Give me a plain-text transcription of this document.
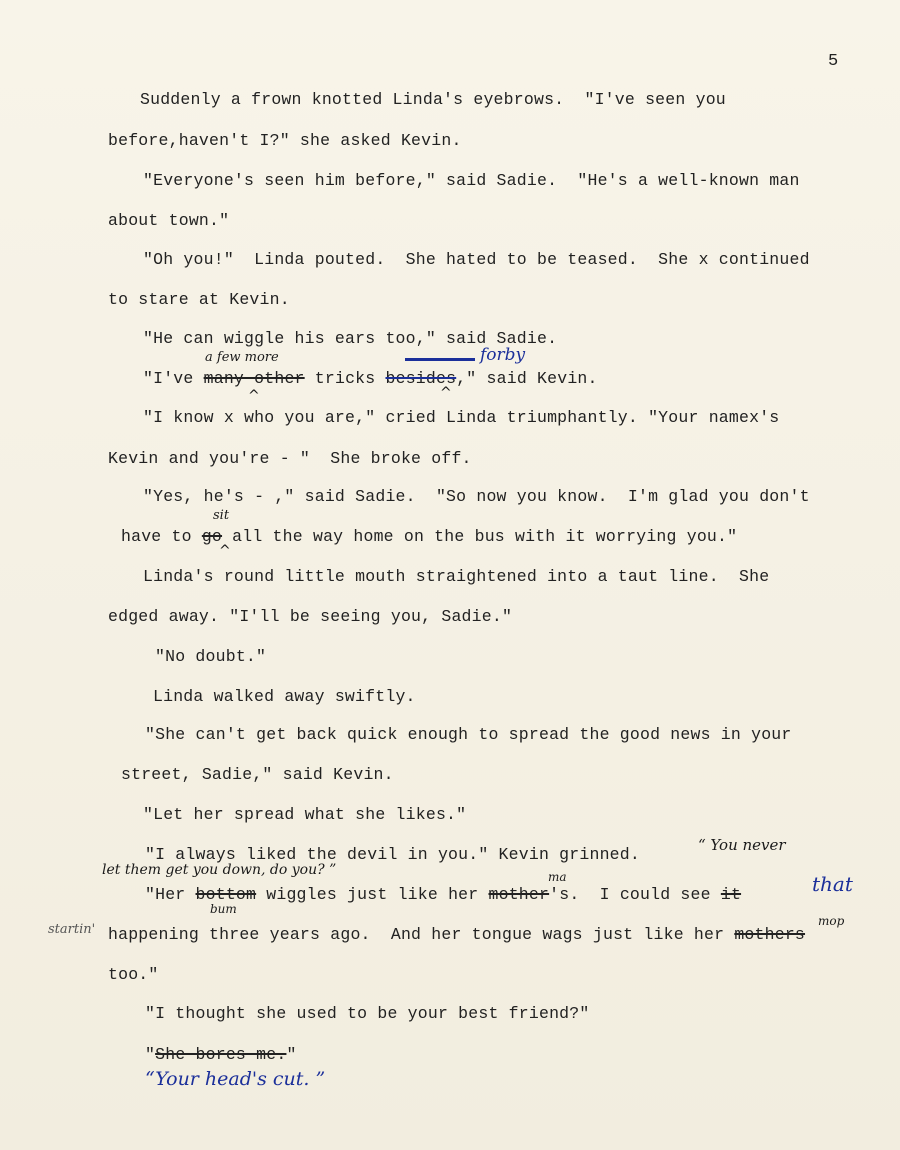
5
Suddenly a frown knotted Linda's eyebrows.  "I've seen you
before,haven't I?" she asked Kevin.
"Everyone's seen him before," said Sadie.  "He's a well-known man
about town."
"Oh you!"  Linda pouted.  She hated to be teased.  She x continued
to stare at Kevin.
"He can wiggle his ears too," said Sadie.
"I've many other tricks besides," said Kevin.
a few more	forby
^	^
"I know x who you are," cried Linda triumphantly. "Your namex's
Kevin and you're - "  She broke off.
"Yes, he's - ," said Sadie.  "So now you know.  I'm glad you don't
have to go all the way home on the bus with it worrying you."
sit
^
Linda's round little mouth straightened into a taut line.  She
edged away. "I'll be seeing you, Sadie."
"No doubt."
Linda walked away swiftly.
"She can't get back quick enough to spread the good news in your
street, Sadie," said Kevin.
"Let her spread what she likes."
"I always liked the devil in you." Kevin grinned.	“ You never
let them get you down, do you? ”	ma
"Her bottom wiggles just like her mother's.  I could see it
bum
that
startin' happening three years ago.  And her tongue wags just like her mothers
mop
too."
"I thought she used to be your best friend?"
"She bores me."
“Your head's cut. ”
